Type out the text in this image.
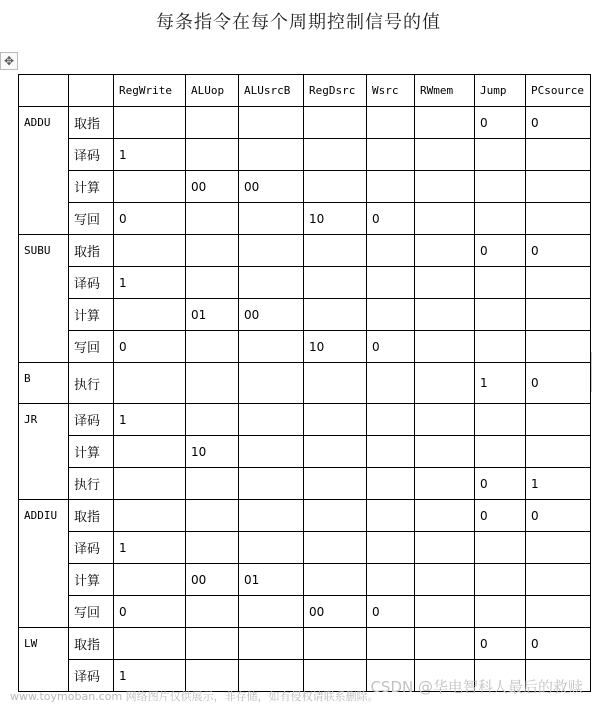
每条指令在每个周期控制信号的值
✥
		RegWrite	ALUop	ALUsrcB	RegDsrc	Wsrc	RWmem	Jump	PCsource
ADDU	取指							0	0
	译码	1							
	计算		00	00					
	写回	0			10	0			
SUBU	取指							0	0
	译码	1							
	计算		01	00					
	写回	0			10	0			
B	执行							1	0
JR	译码	1							
	计算		10						
	执行							0	1
ADDIU	取指							0	0
	译码	1							
	计算		00	01					
	写回	0			00	0			
LW	取指							0	0
	译码	1							
www.toymoban.com 网络图片仅供展示，非存储，如有侵权请联系删除。
CSDN @华电智科人最后的救赎
